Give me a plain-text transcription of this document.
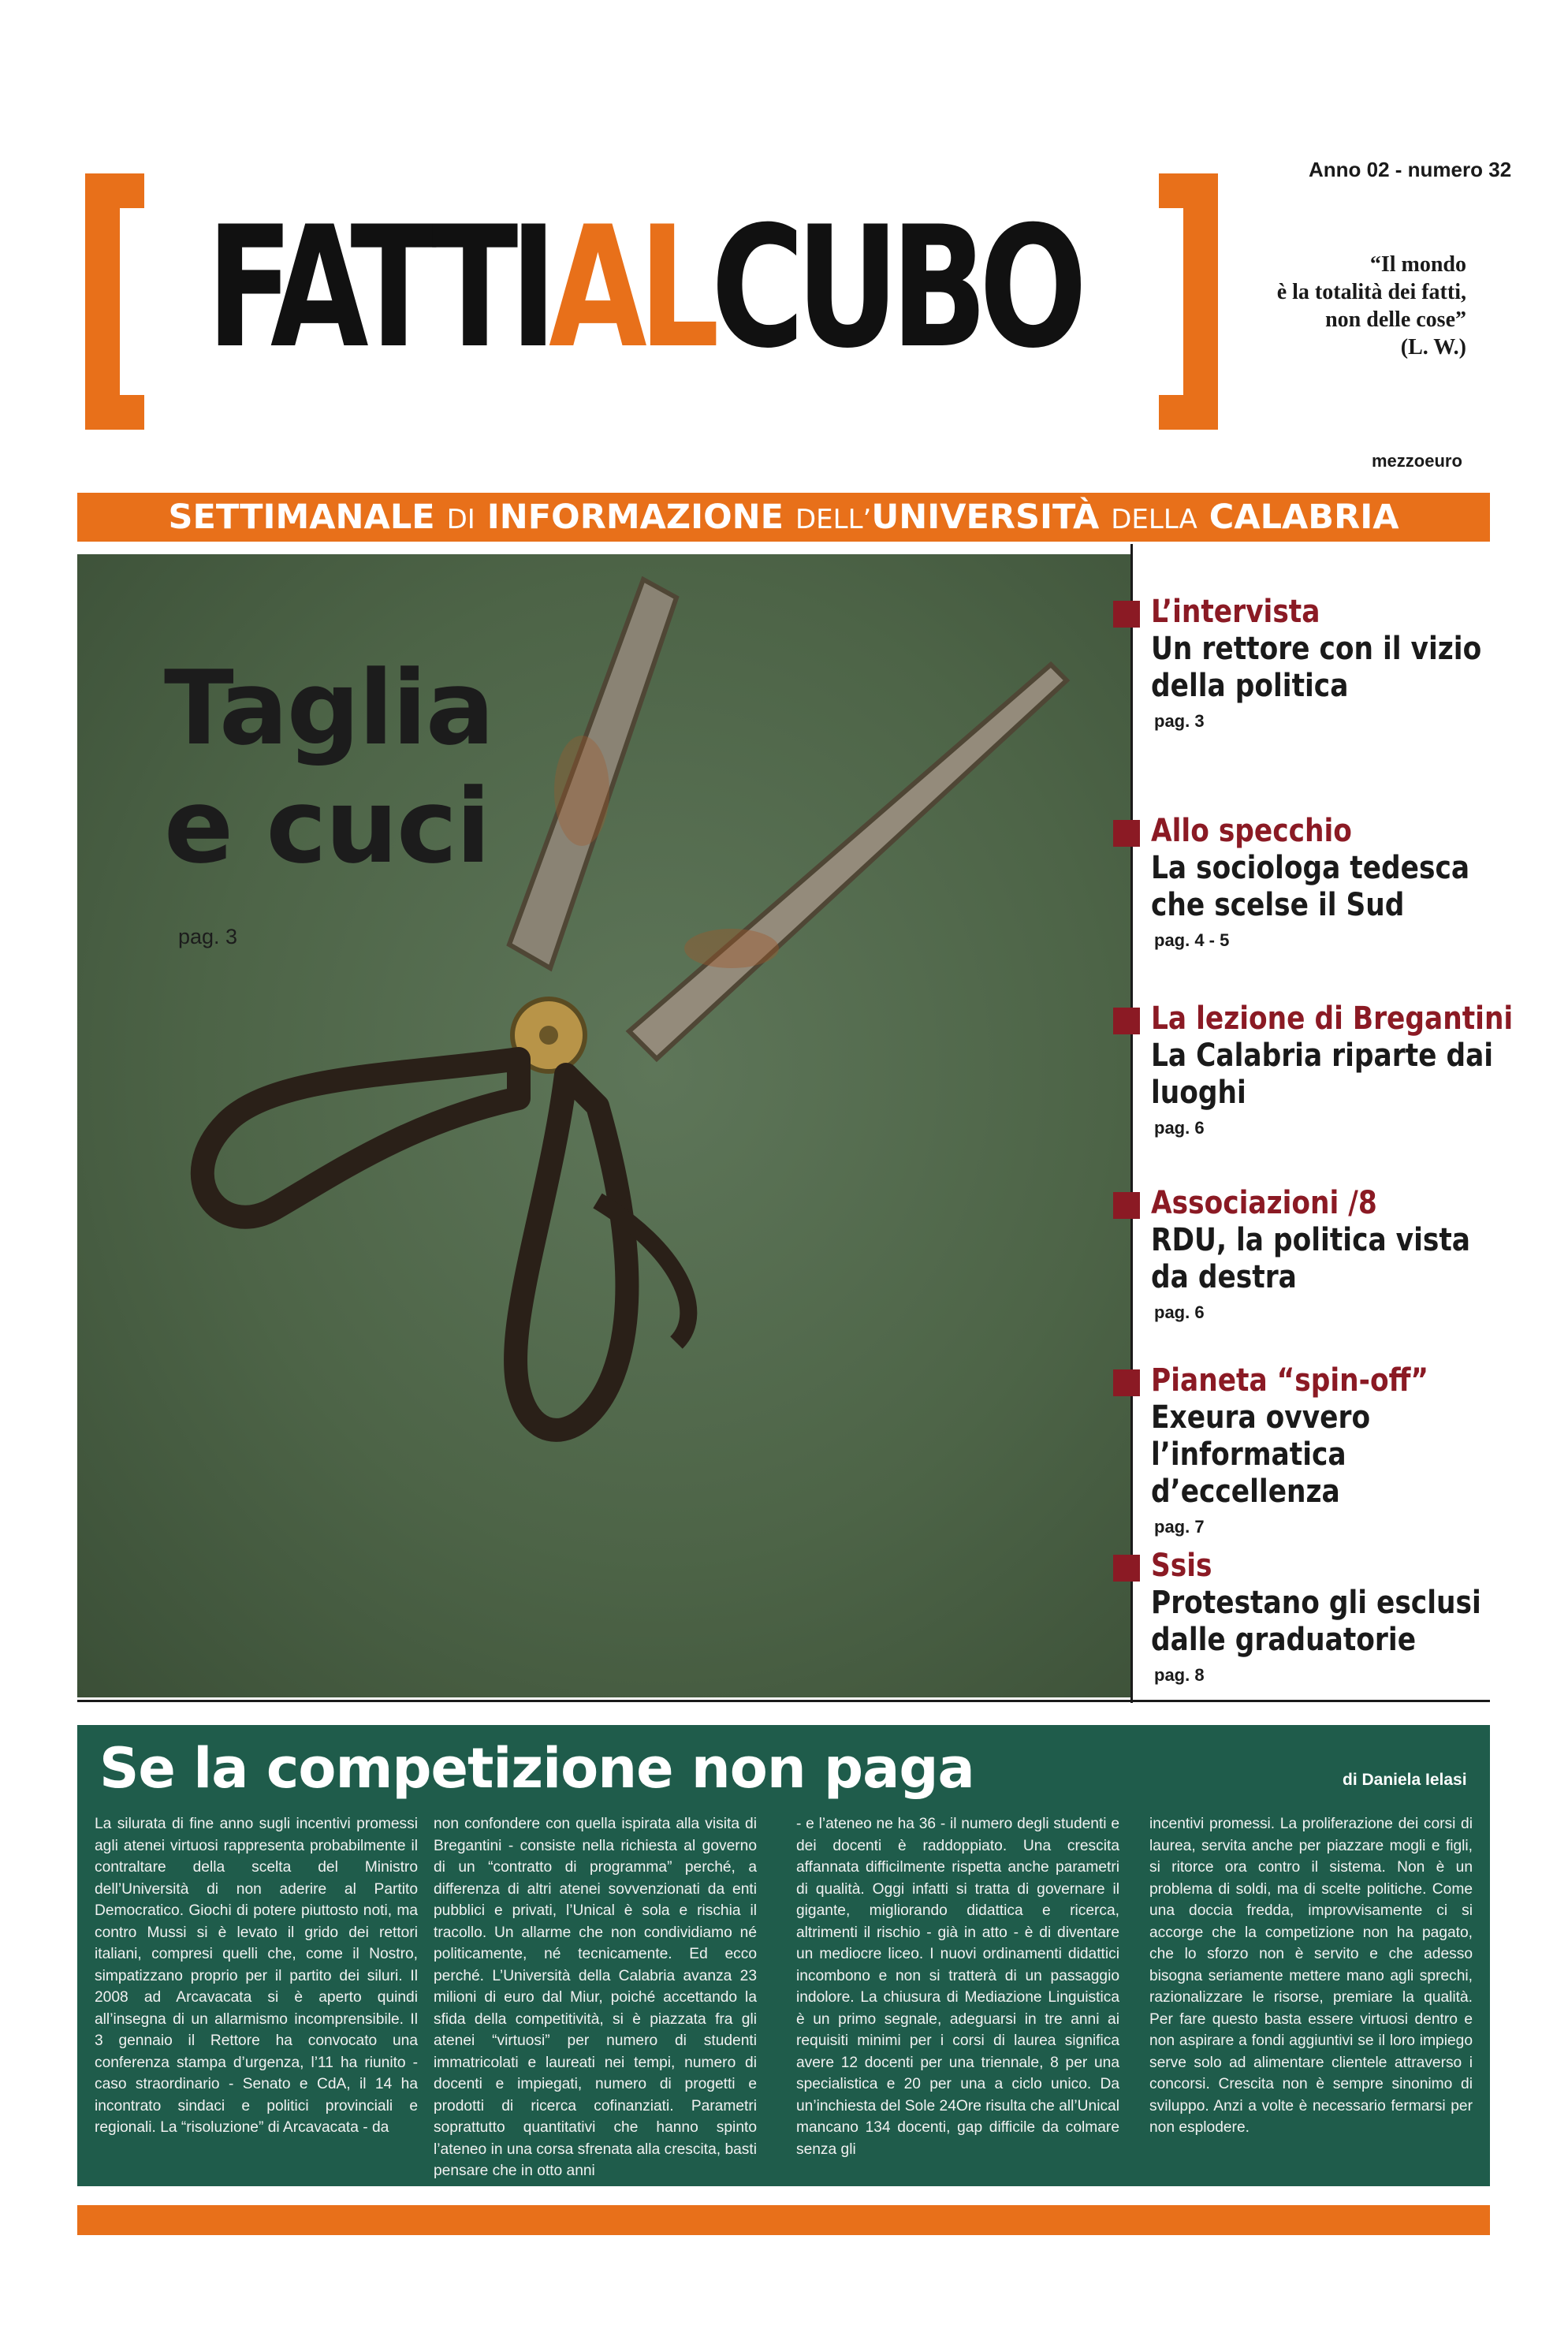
FATTIALCUBO
Anno 02 - numero 32
“Il mondo
è la totalità dei fatti,
non delle cose”
(L. W.)
mezzoeuro
SETTIMANALE DI INFORMAZIONE DELL’UNIVERSITÀ DELLA CALABRIA
Taglia
e cuci
pag. 3
L’intervista
Un rettore con il vizio della politica
pag. 3
Allo specchio
La sociologa tedesca che scelse il Sud
pag. 4 - 5
La lezione di Bregantini
La Calabria riparte dai luoghi
pag. 6
Associazioni /8
RDU, la politica vista da destra
pag. 6
Pianeta “spin-off”
Exeura ovvero l’informatica d’eccellenza
pag. 7
Ssis
Protestano gli esclusi dalle graduatorie
pag. 8
Se la competizione non paga	di Daniela Ielasi

La silurata di fine anno sugli incentivi promessi agli atenei virtuosi rappresenta probabilmente il contraltare della scelta del Ministro dell’Università di non aderire al Partito Democratico. Giochi di potere piuttosto noti, ma contro Mussi si è levato il grido dei rettori italiani, compresi quelli che, come il Nostro, simpatizzano proprio per il partito dei siluri. Il 2008 ad Arcavacata si è aperto quindi all’insegna di un allarmismo incomprensibile. Il 3 gennaio il Rettore ha convocato una conferenza stampa d’urgenza, l’11 ha riunito - caso straordinario - Senato e CdA, il 14 ha incontrato sindaci e politici provinciali e regionali. La “risoluzione” di Arcavacata - da

non confondere con quella ispirata alla visita di Bregantini - consiste nella richiesta al governo di un “contratto di programma” perché, a differenza di altri atenei sovvenzionati da enti pubblici e privati, l’Unical è sola e rischia il tracollo. Un allarme che non condividiamo né politicamente, né tecnicamente. Ed ecco perché. L’Università della Calabria avanza 23 milioni di euro dal Miur, poiché accettando la sfida della competitività, si è piazzata fra gli atenei “virtuosi” per numero di studenti immatricolati e laureati nei tempi, numero di docenti e impiegati, numero di progetti e prodotti di ricerca cofinanziati. Parametri soprattutto quantitativi che hanno spinto l’ateneo in una corsa sfrenata alla crescita, basti pensare che in otto anni

- e l’ateneo ne ha 36 - il numero degli studenti e dei docenti è raddoppiato. Una crescita affannata difficilmente rispetta anche parametri di qualità. Oggi infatti si tratta di governare il gigante, migliorando didattica e ricerca, altrimenti il rischio - già in atto - è di diventare un mediocre liceo. I nuovi ordinamenti didattici incombono e non si tratterà di un passaggio indolore. La chiusura di Mediazione Linguistica è un primo segnale, adeguarsi in tre anni ai requisiti minimi per i corsi di laurea significa avere 12 docenti per una triennale, 8 per una specialistica e 20 per una a ciclo unico. Da un’inchiesta del Sole 24Ore risulta che all’Unical mancano 134 docenti, gap difficile da colmare senza gli

incentivi promessi. La proliferazione dei corsi di laurea, servita anche per piazzare mogli e figli, si ritorce ora contro il sistema. Non è un problema di soldi, ma di scelte politiche. Come una doccia fredda, improvvisamente ci si accorge che la competizione non ha pagato, che lo sforzo non è servito e che adesso bisogna seriamente mettere mano agli sprechi, razionalizzare le risorse, premiare la qualità. Per fare questo basta essere virtuosi dentro e non aspirare a fondi aggiuntivi se il loro impiego serve solo ad alimentare clientele attraverso i concorsi. Crescita non è sempre sinonimo di sviluppo. Anzi a volte è necessario fermarsi per non esplodere.
